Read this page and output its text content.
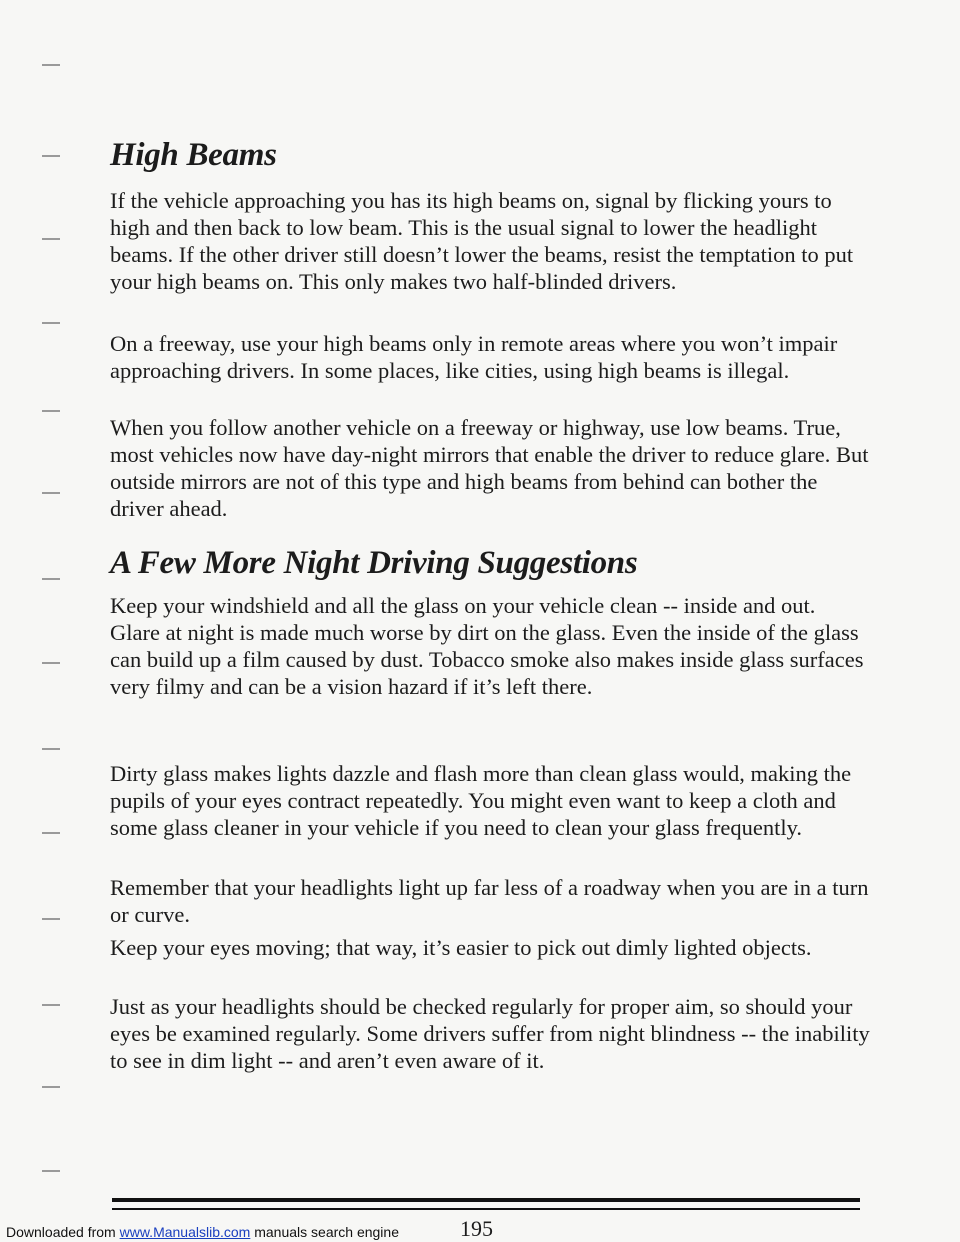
High Beams

If the vehicle approaching you has its high beams on, signal by flicking yours to high and then back to low beam. This is the usual signal to lower the headlight beams. If the other driver still doesn’t lower the beams, resist the temptation to put your high beams on. This only makes two half-blinded drivers.

On a freeway, use your high beams only in remote areas where you won’t impair approaching drivers. In some places, like cities, using high beams is illegal.

When you follow another vehicle on a freeway or highway, use low beams. True, most vehicles now have day-night mirrors that enable the driver to reduce glare. But outside mirrors are not of this type and high beams from behind can bother the driver ahead.

A Few More Night Driving Suggestions

Keep your windshield and all the glass on your vehicle clean -- inside and out. Glare at night is made much worse by dirt on the glass. Even the inside of the glass can build up a film caused by dust. Tobacco smoke also makes inside glass surfaces very filmy and can be a vision hazard if it’s left there.

Dirty glass makes lights dazzle and flash more than clean glass would, making the pupils of your eyes contract repeatedly. You might even want to keep a cloth and some glass cleaner in your vehicle if you need to clean your glass frequently.

Remember that your headlights light up far less of a roadway when you are in a turn or curve.

Keep your eyes moving; that way, it’s easier to pick out dimly lighted objects.

Just as your headlights should be checked regularly for proper aim, so should your eyes be examined regularly. Some drivers suffer from night blindness -- the inability to see in dim light -- and aren’t even aware of it.

195
Downloaded from www.Manualslib.com manuals search engine
